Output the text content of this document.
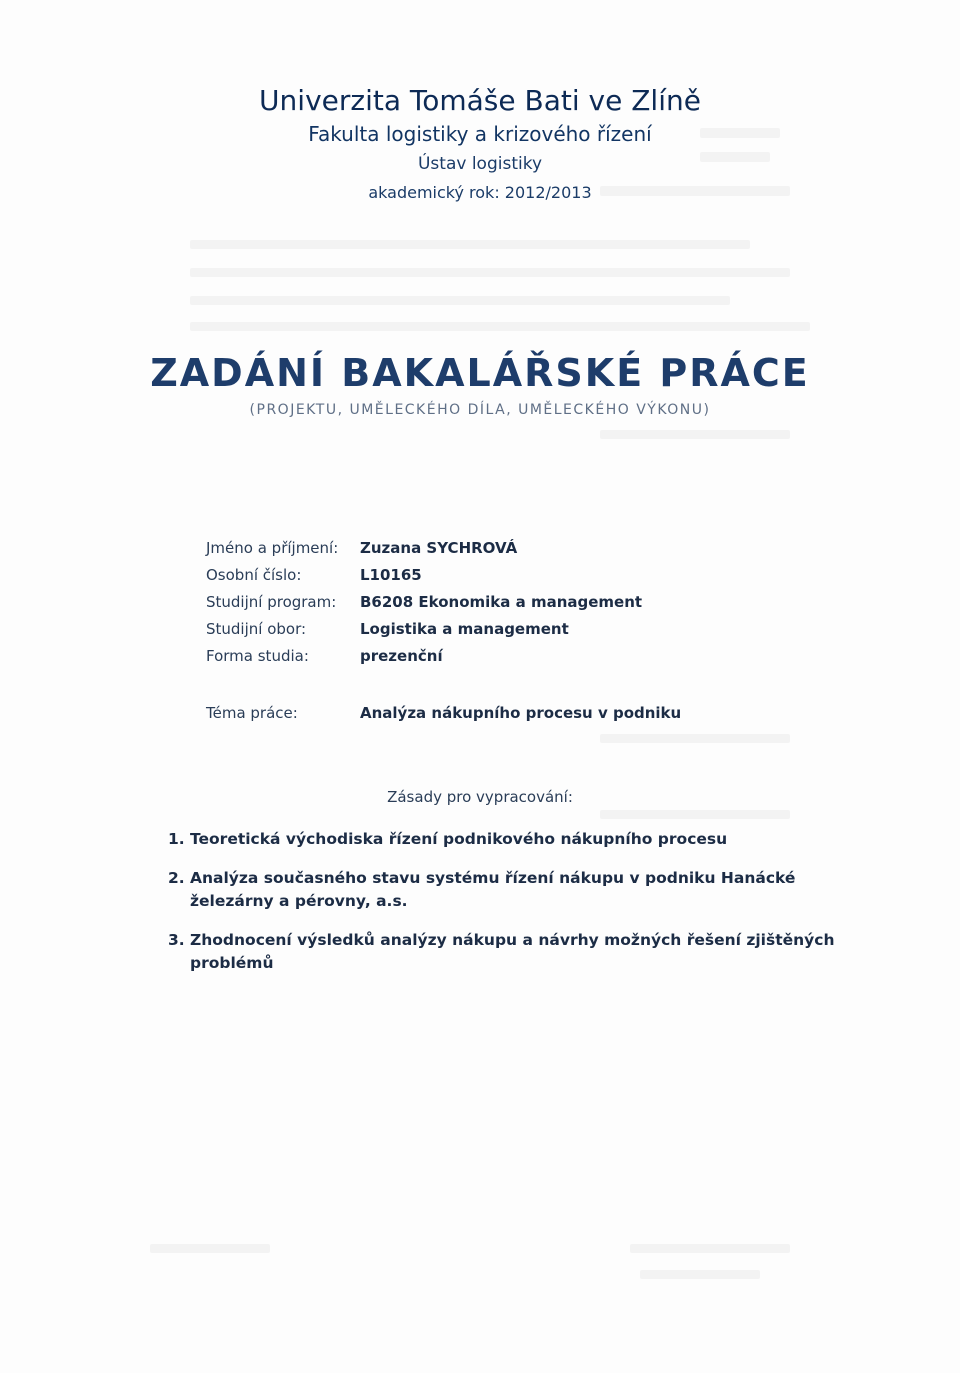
Univerzita Tomáše Bati ve Zlíně
Fakulta logistiky a krizového řízení
Ústav logistiky
akademický rok: 2012/2013
ZADÁNÍ BAKALÁŘSKÉ PRÁCE
(PROJEKTU, UMĚLECKÉHO DÍLA, UMĚLECKÉHO VÝKONU)
Jméno a příjmení:	Zuzana SYCHROVÁ
Osobní číslo:	L10165
Studijní program:	B6208 Ekonomika a management
Studijní obor:	Logistika a management
Forma studia:	prezenční
Téma práce:	Analýza nákupního procesu v podniku
Zásady pro vypracování:
1. Teoretická východiska řízení podnikového nákupního procesu
2. Analýza současného stavu systému řízení nákupu v podniku Hanácké železárny a pérovny, a.s.
3. Zhodnocení výsledků analýzy nákupu a návrhy možných řešení zjištěných problémů
